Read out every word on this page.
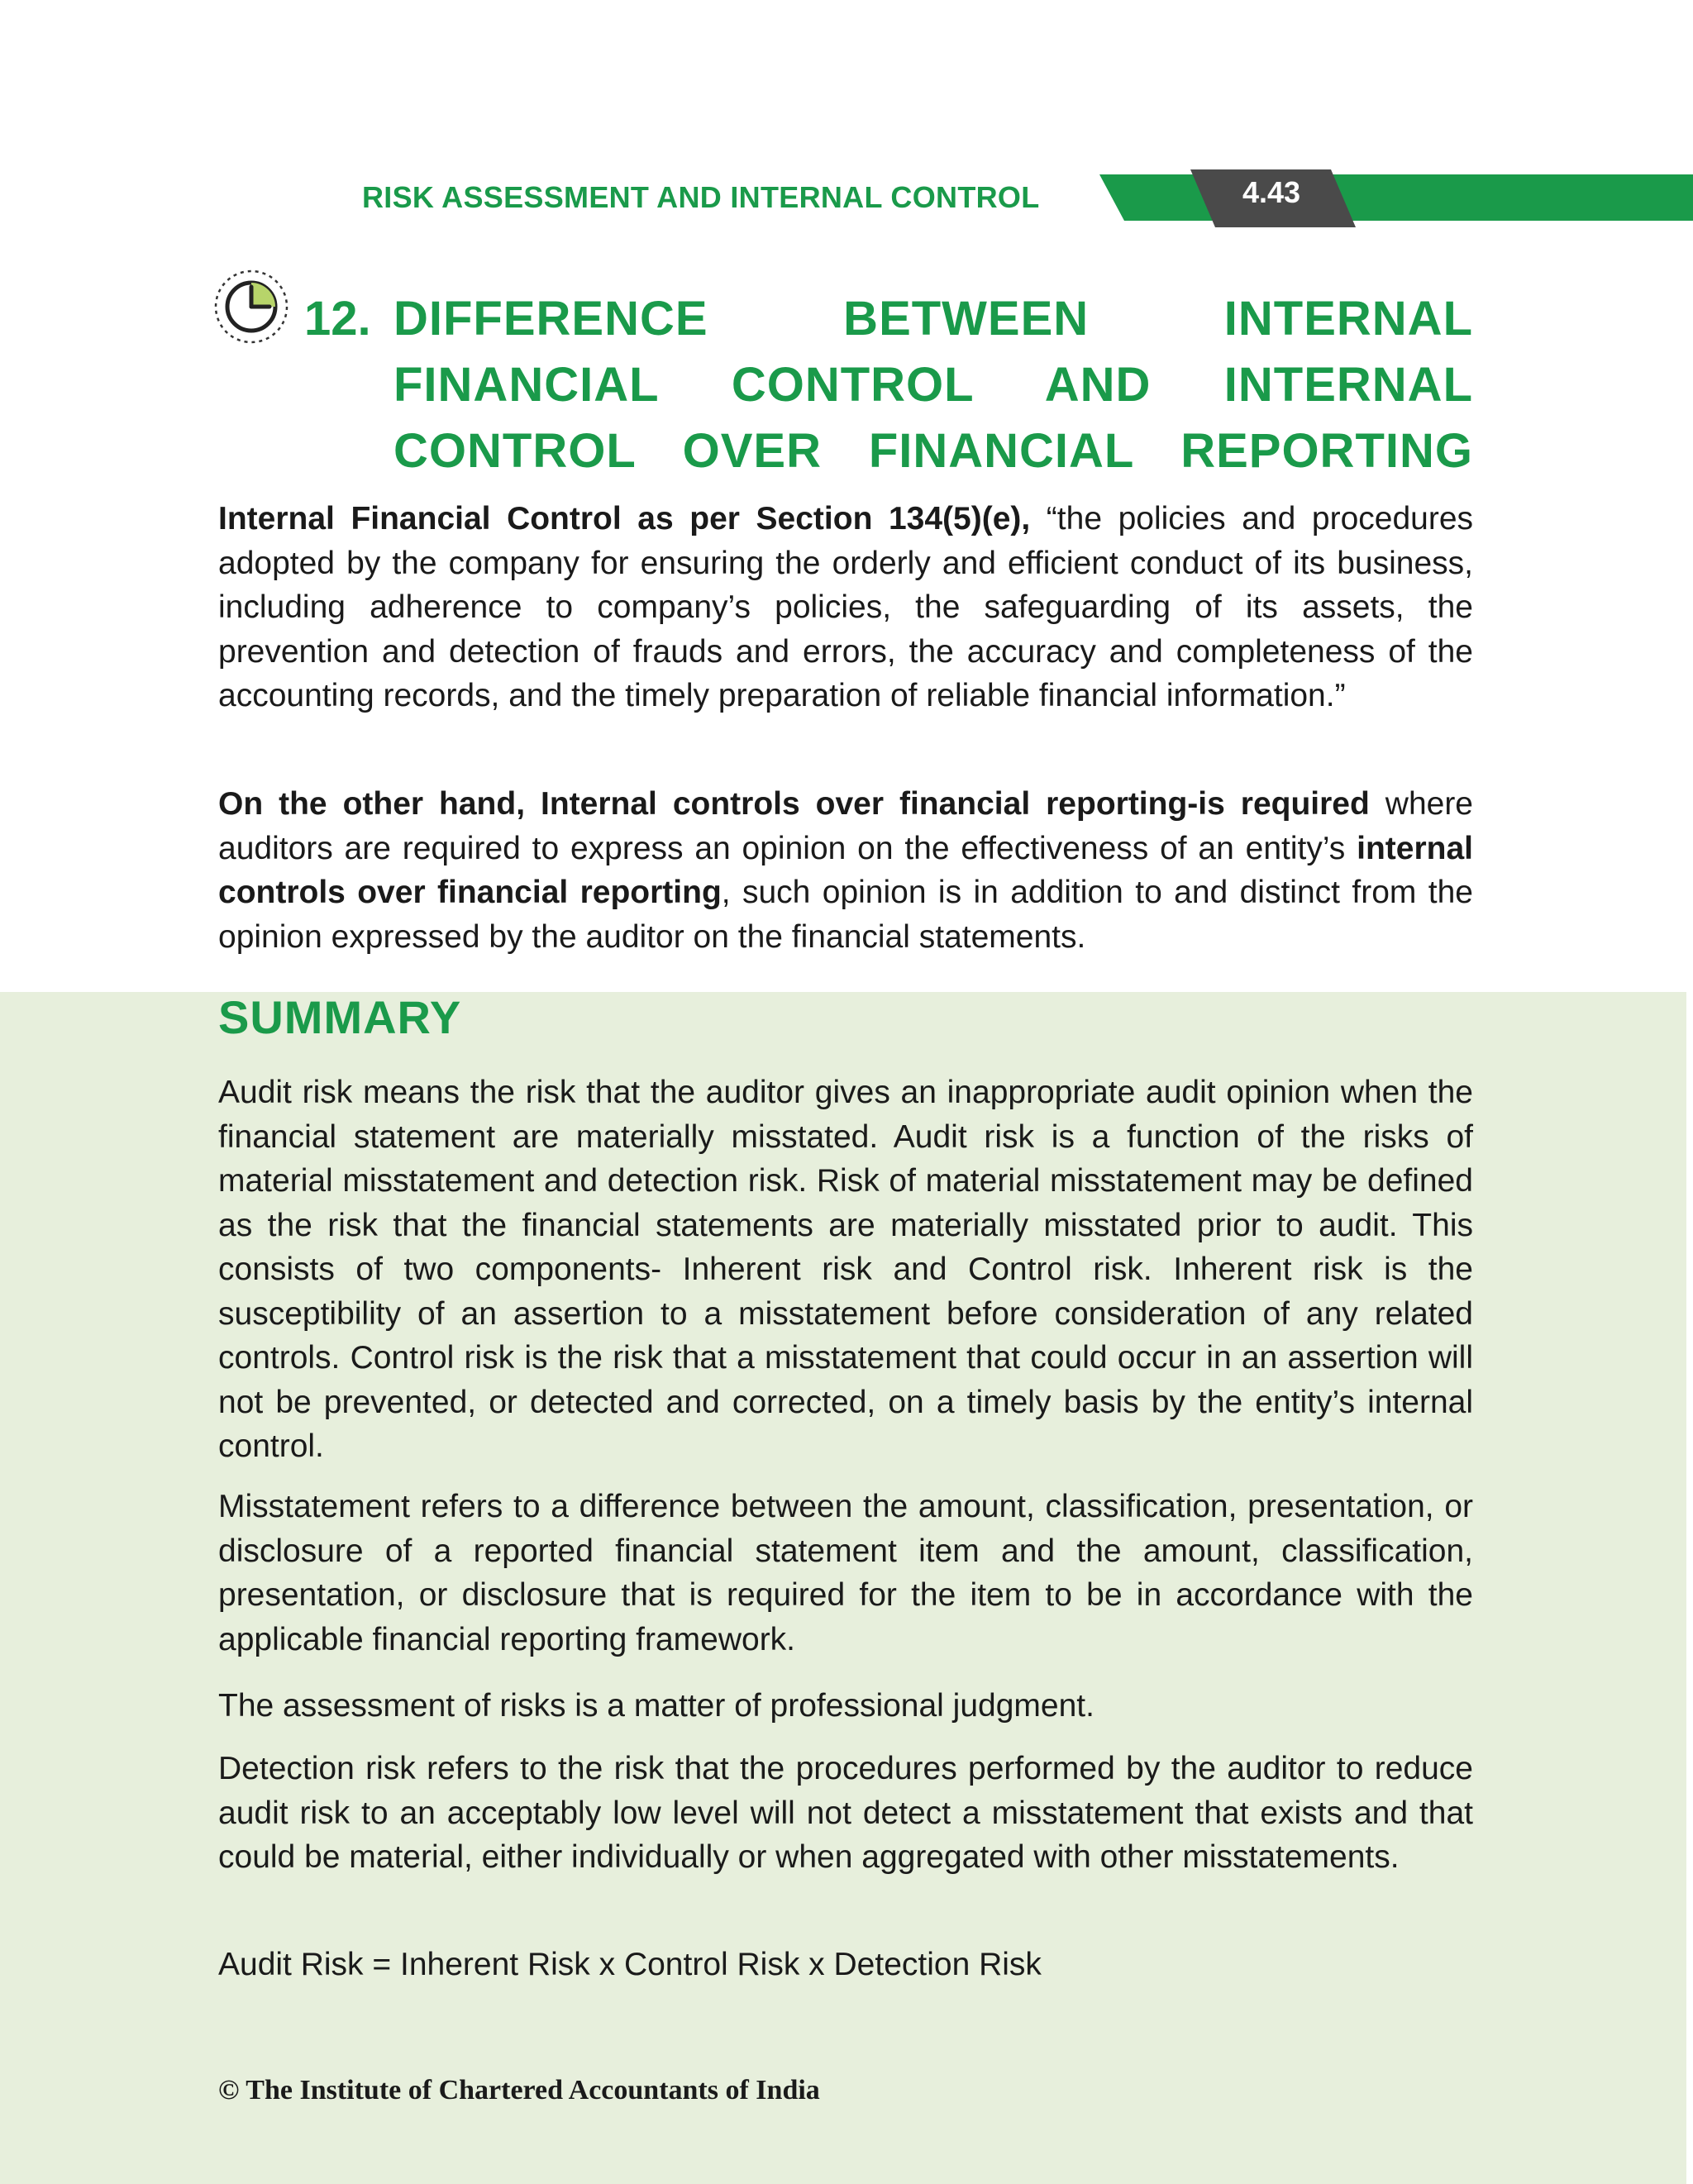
RISK ASSESSMENT AND INTERNAL CONTROL	4.43
12. DIFFERENCE BETWEEN INTERNAL FINANCIAL CONTROL AND INTERNAL CONTROL OVER FINANCIAL REPORTING
Internal Financial Control as per Section 134(5)(e), “the policies and procedures adopted by the company for ensuring the orderly and efficient conduct of its business, including adherence to company’s policies, the safeguarding of its assets, the prevention and detection of frauds and errors, the accuracy and completeness of the accounting records, and the timely preparation of reliable financial information.”
On the other hand, Internal controls over financial reporting-is required where auditors are required to express an opinion on the effectiveness of an entity’s internal controls over financial reporting, such opinion is in addition to and distinct from the opinion expressed by the auditor on the financial statements.
SUMMARY
Audit risk means the risk that the auditor gives an inappropriate audit opinion when the financial statement are materially misstated. Audit risk is a function of the risks of material misstatement and detection risk. Risk of material misstatement may be defined as the risk that the financial statements are materially misstated prior to audit. This consists of two components- Inherent risk and Control risk. Inherent risk is the susceptibility of an assertion to a misstatement before consideration of any related controls. Control risk is the risk that a misstatement that could occur in an assertion will not be prevented, or detected and corrected, on a timely basis by the entity’s internal control.
Misstatement refers to a difference between the amount, classification, presentation, or disclosure of a reported financial statement item and the amount, classification, presentation, or disclosure that is required for the item to be in accordance with the applicable financial reporting framework.
The assessment of risks is a matter of professional judgment.
Detection risk refers to the risk that the procedures performed by the auditor to reduce audit risk to an acceptably low level will not detect a misstatement that exists and that could be material, either individually or when aggregated with other misstatements.
Audit Risk = Inherent Risk x Control Risk x Detection Risk
© The Institute of Chartered Accountants of India
